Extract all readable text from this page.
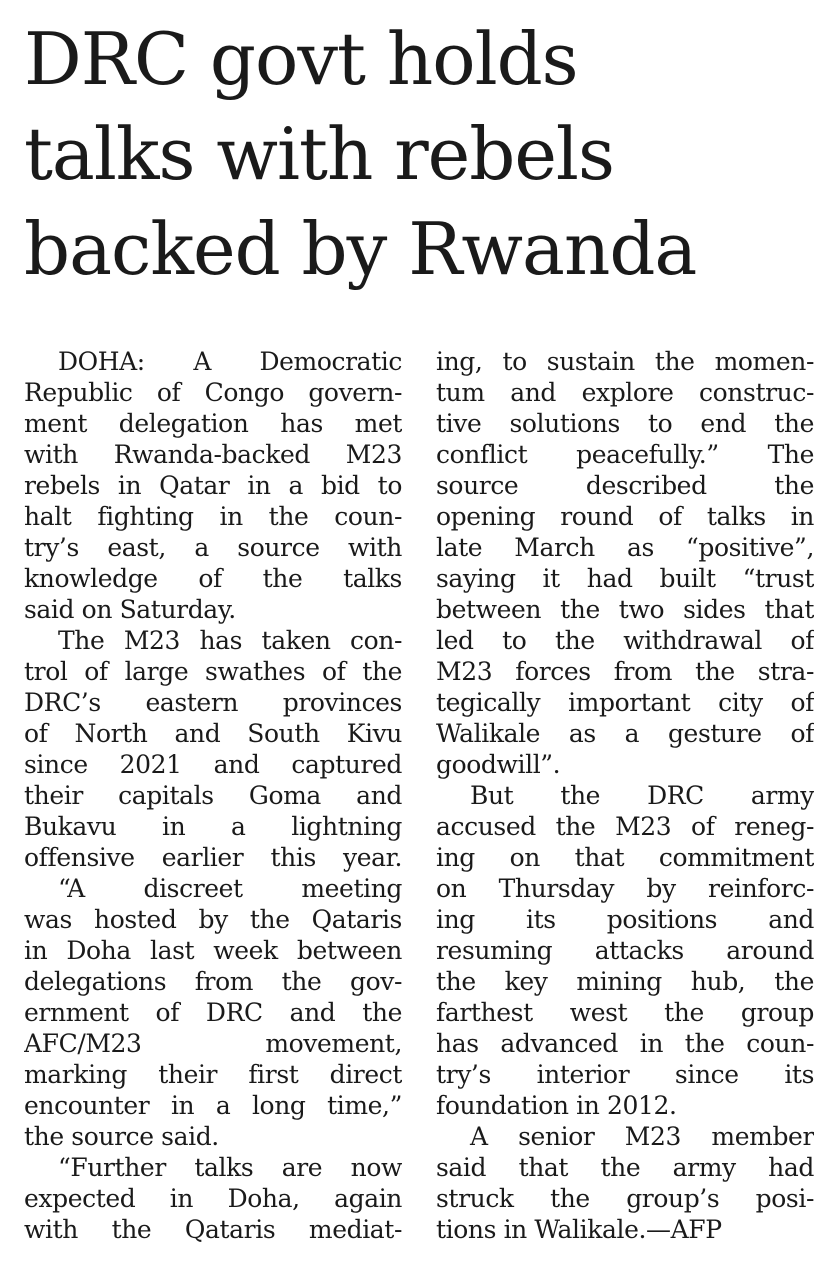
DRC govt holds
talks with rebels
backed by Rwanda
DOHA: A Democratic
Republic of Congo govern-
ment delegation has met
with Rwanda-backed M23
rebels in Qatar in a bid to
halt fighting in the coun-
try’s east, a source with
knowledge of the talks
said on Saturday.
The M23 has taken con-
trol of large swathes of the
DRC’s eastern provinces
of North and South Kivu
since 2021 and captured
their capitals Goma and
Bukavu in a lightning
offensive earlier this year.
“A discreet meeting
was hosted by the Qataris
in Doha last week between
delegations from the gov-
ernment of DRC and the
AFC/M23 movement,
marking their first direct
encounter in a long time,”
the source said.
“Further talks are now
expected in Doha, again
with the Qataris mediat-
ing, to sustain the momen-
tum and explore construc-
tive solutions to end the
conflict peacefully.” The
source described the
opening round of talks in
late March as “positive”,
saying it had built “trust
between the two sides that
led to the withdrawal of
M23 forces from the stra-
tegically important city of
Walikale as a gesture of
goodwill”.
But the DRC army
accused the M23 of reneg-
ing on that commitment
on Thursday by reinforc-
ing its positions and
resuming attacks around
the key mining hub, the
farthest west the group
has advanced in the coun-
try’s interior since its
foundation in 2012.
A senior M23 member
said that the army had
struck the group’s posi-
tions in Walikale.—AFP
